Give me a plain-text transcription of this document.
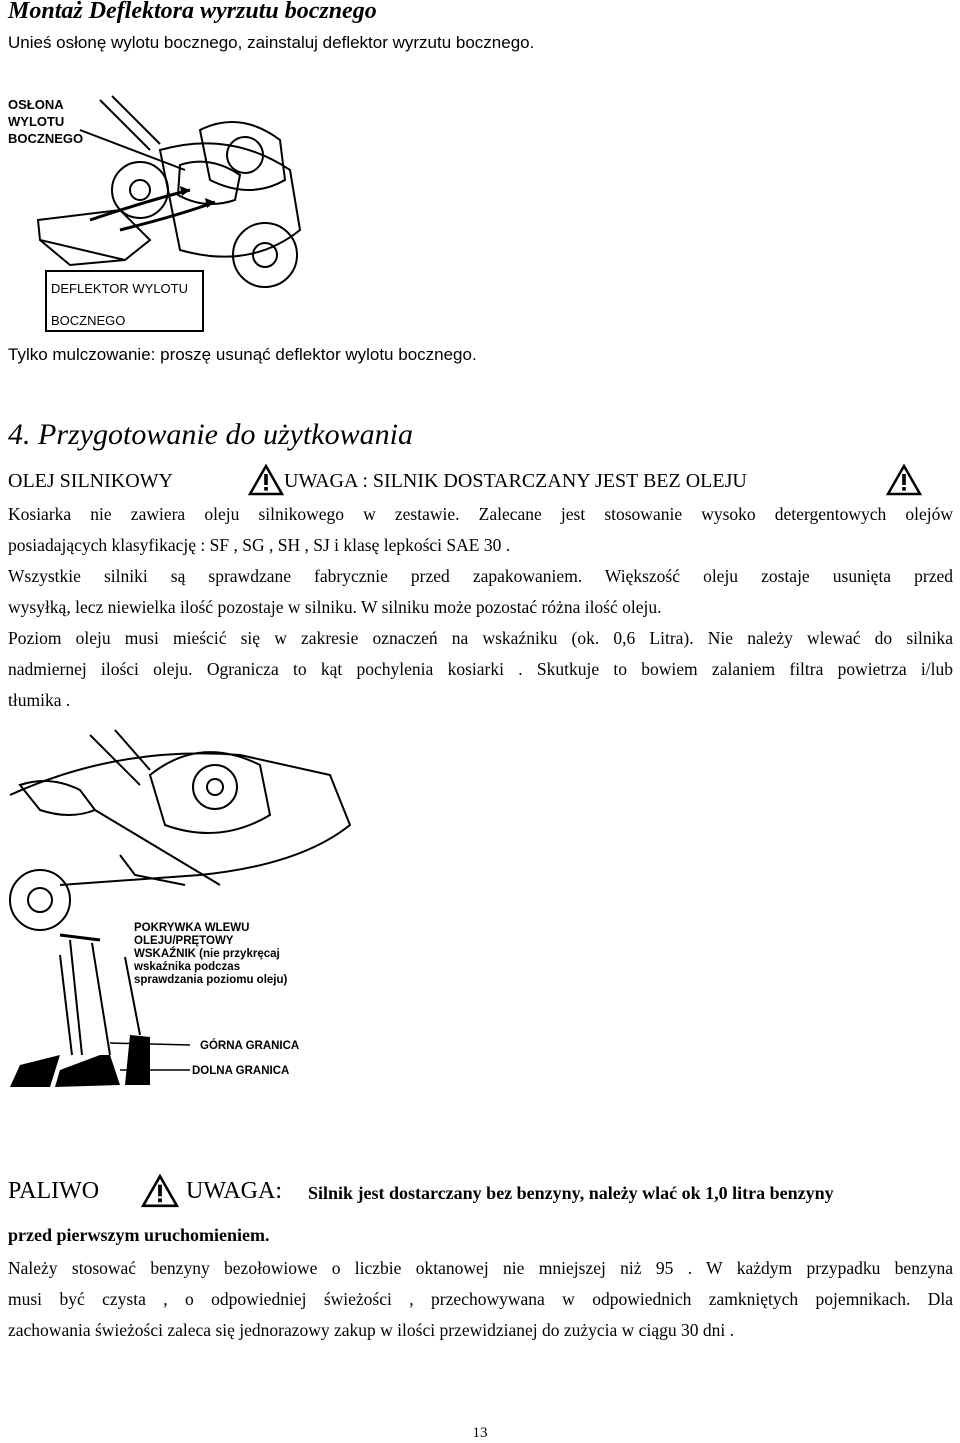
Montaż Deflektora wyrzutu bocznego
Unieś osłonę wylotu bocznego, zainstaluj deflektor wyrzutu bocznego.
OSŁONA
WYLOTU
BOCZNEGO
DEFLEKTOR WYLOTU
BOCZNEGO
Tylko mulczowanie: proszę usunąć deflektor wylotu bocznego.
4. Przygotowanie do użytkowania
OLEJ SILNIKOWY	UWAGA : SILNIK DOSTARCZANY JEST BEZ OLEJU
Kosiarka nie zawiera oleju silnikowego w zestawie. Zalecane jest stosowanie wysoko detergentowych olejów
posiadających klasyfikację : SF , SG , SH , SJ i klasę lepkości SAE 30 .
Wszystkie silniki są sprawdzane fabrycznie przed zapakowaniem. Większość oleju zostaje usunięta przed
wysyłką, lecz niewielka ilość pozostaje w silniku. W silniku może pozostać różna ilość oleju.
Poziom oleju musi mieścić się w zakresie oznaczeń na wskaźniku (ok. 0,6 Litra). Nie należy wlewać do silnika
nadmiernej ilości oleju. Ogranicza to kąt pochylenia kosiarki . Skutkuje to bowiem zalaniem filtra powietrza i/lub
tłumika .
POKRYWKA WLEWU
OLEJU/PRĘTOWY
WSKAŹNIK (nie przykręcaj
wskaźnika podczas
sprawdzania poziomu oleju)
GÓRNA GRANICA
DOLNA GRANICA
PALIWO	UWAGA: Silnik jest dostarczany bez benzyny, należy wlać ok 1,0 litra benzyny
przed pierwszym uruchomieniem.
Należy stosować benzyny bezołowiowe o liczbie oktanowej nie mniejszej niż 95 . W każdym przypadku benzyna
musi być czysta , o odpowiedniej świeżości , przechowywana w odpowiednich zamkniętych pojemnikach. Dla
zachowania świeżości zaleca się jednorazowy zakup w ilości przewidzianej do zużycia w ciągu 30 dni .
13
